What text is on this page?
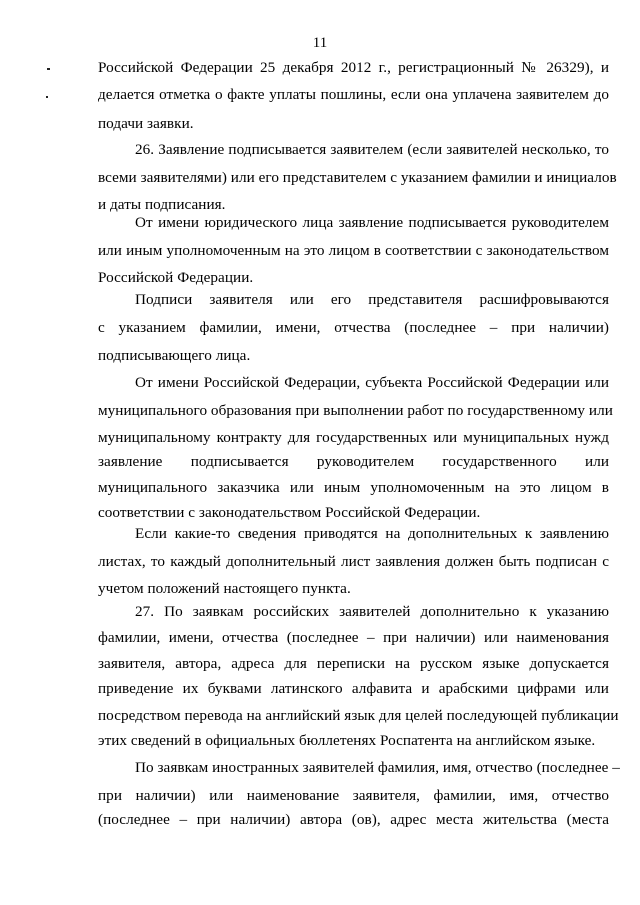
11
Российской Федерации 25 декабря 2012 г., регистрационный № 26329), и
делается отметка о факте уплаты пошлины, если она уплачена заявителем до
подачи заявки.
26. Заявление подписывается заявителем (если заявителей несколько, то
всеми заявителями) или его представителем с указанием фамилии и инициалов
и даты подписания.
От имени юридического лица заявление подписывается руководителем
или иным уполномоченным на это лицом в соответствии с законодательством
Российской Федерации.
Подписи заявителя или его представителя расшифровываются
с указанием фамилии, имени, отчества (последнее – при наличии)
подписывающего лица.
От имени Российской Федерации, субъекта Российской Федерации или
муниципального образования при выполнении работ по государственному или
муниципальному контракту для государственных или муниципальных нужд
заявление подписывается руководителем государственного или
муниципального заказчика или иным уполномоченным на это лицом в
соответствии с законодательством Российской Федерации.
Если какие-то сведения приводятся на дополнительных к заявлению
листах, то каждый дополнительный лист заявления должен быть подписан с
учетом положений настоящего пункта.
27. По заявкам российских заявителей дополнительно к указанию
фамилии, имени, отчества (последнее – при наличии) или наименования
заявителя, автора, адреса для переписки на русском языке допускается
приведение их буквами латинского алфавита и арабскими цифрами или
посредством перевода на английский язык для целей последующей публикации
этих сведений в официальных бюллетенях Роспатента на английском языке.
По заявкам иностранных заявителей фамилия, имя, отчество (последнее –
при наличии) или наименование заявителя, фамилии, имя, отчество
(последнее – при наличии) автора (ов), адрес места жительства (места
